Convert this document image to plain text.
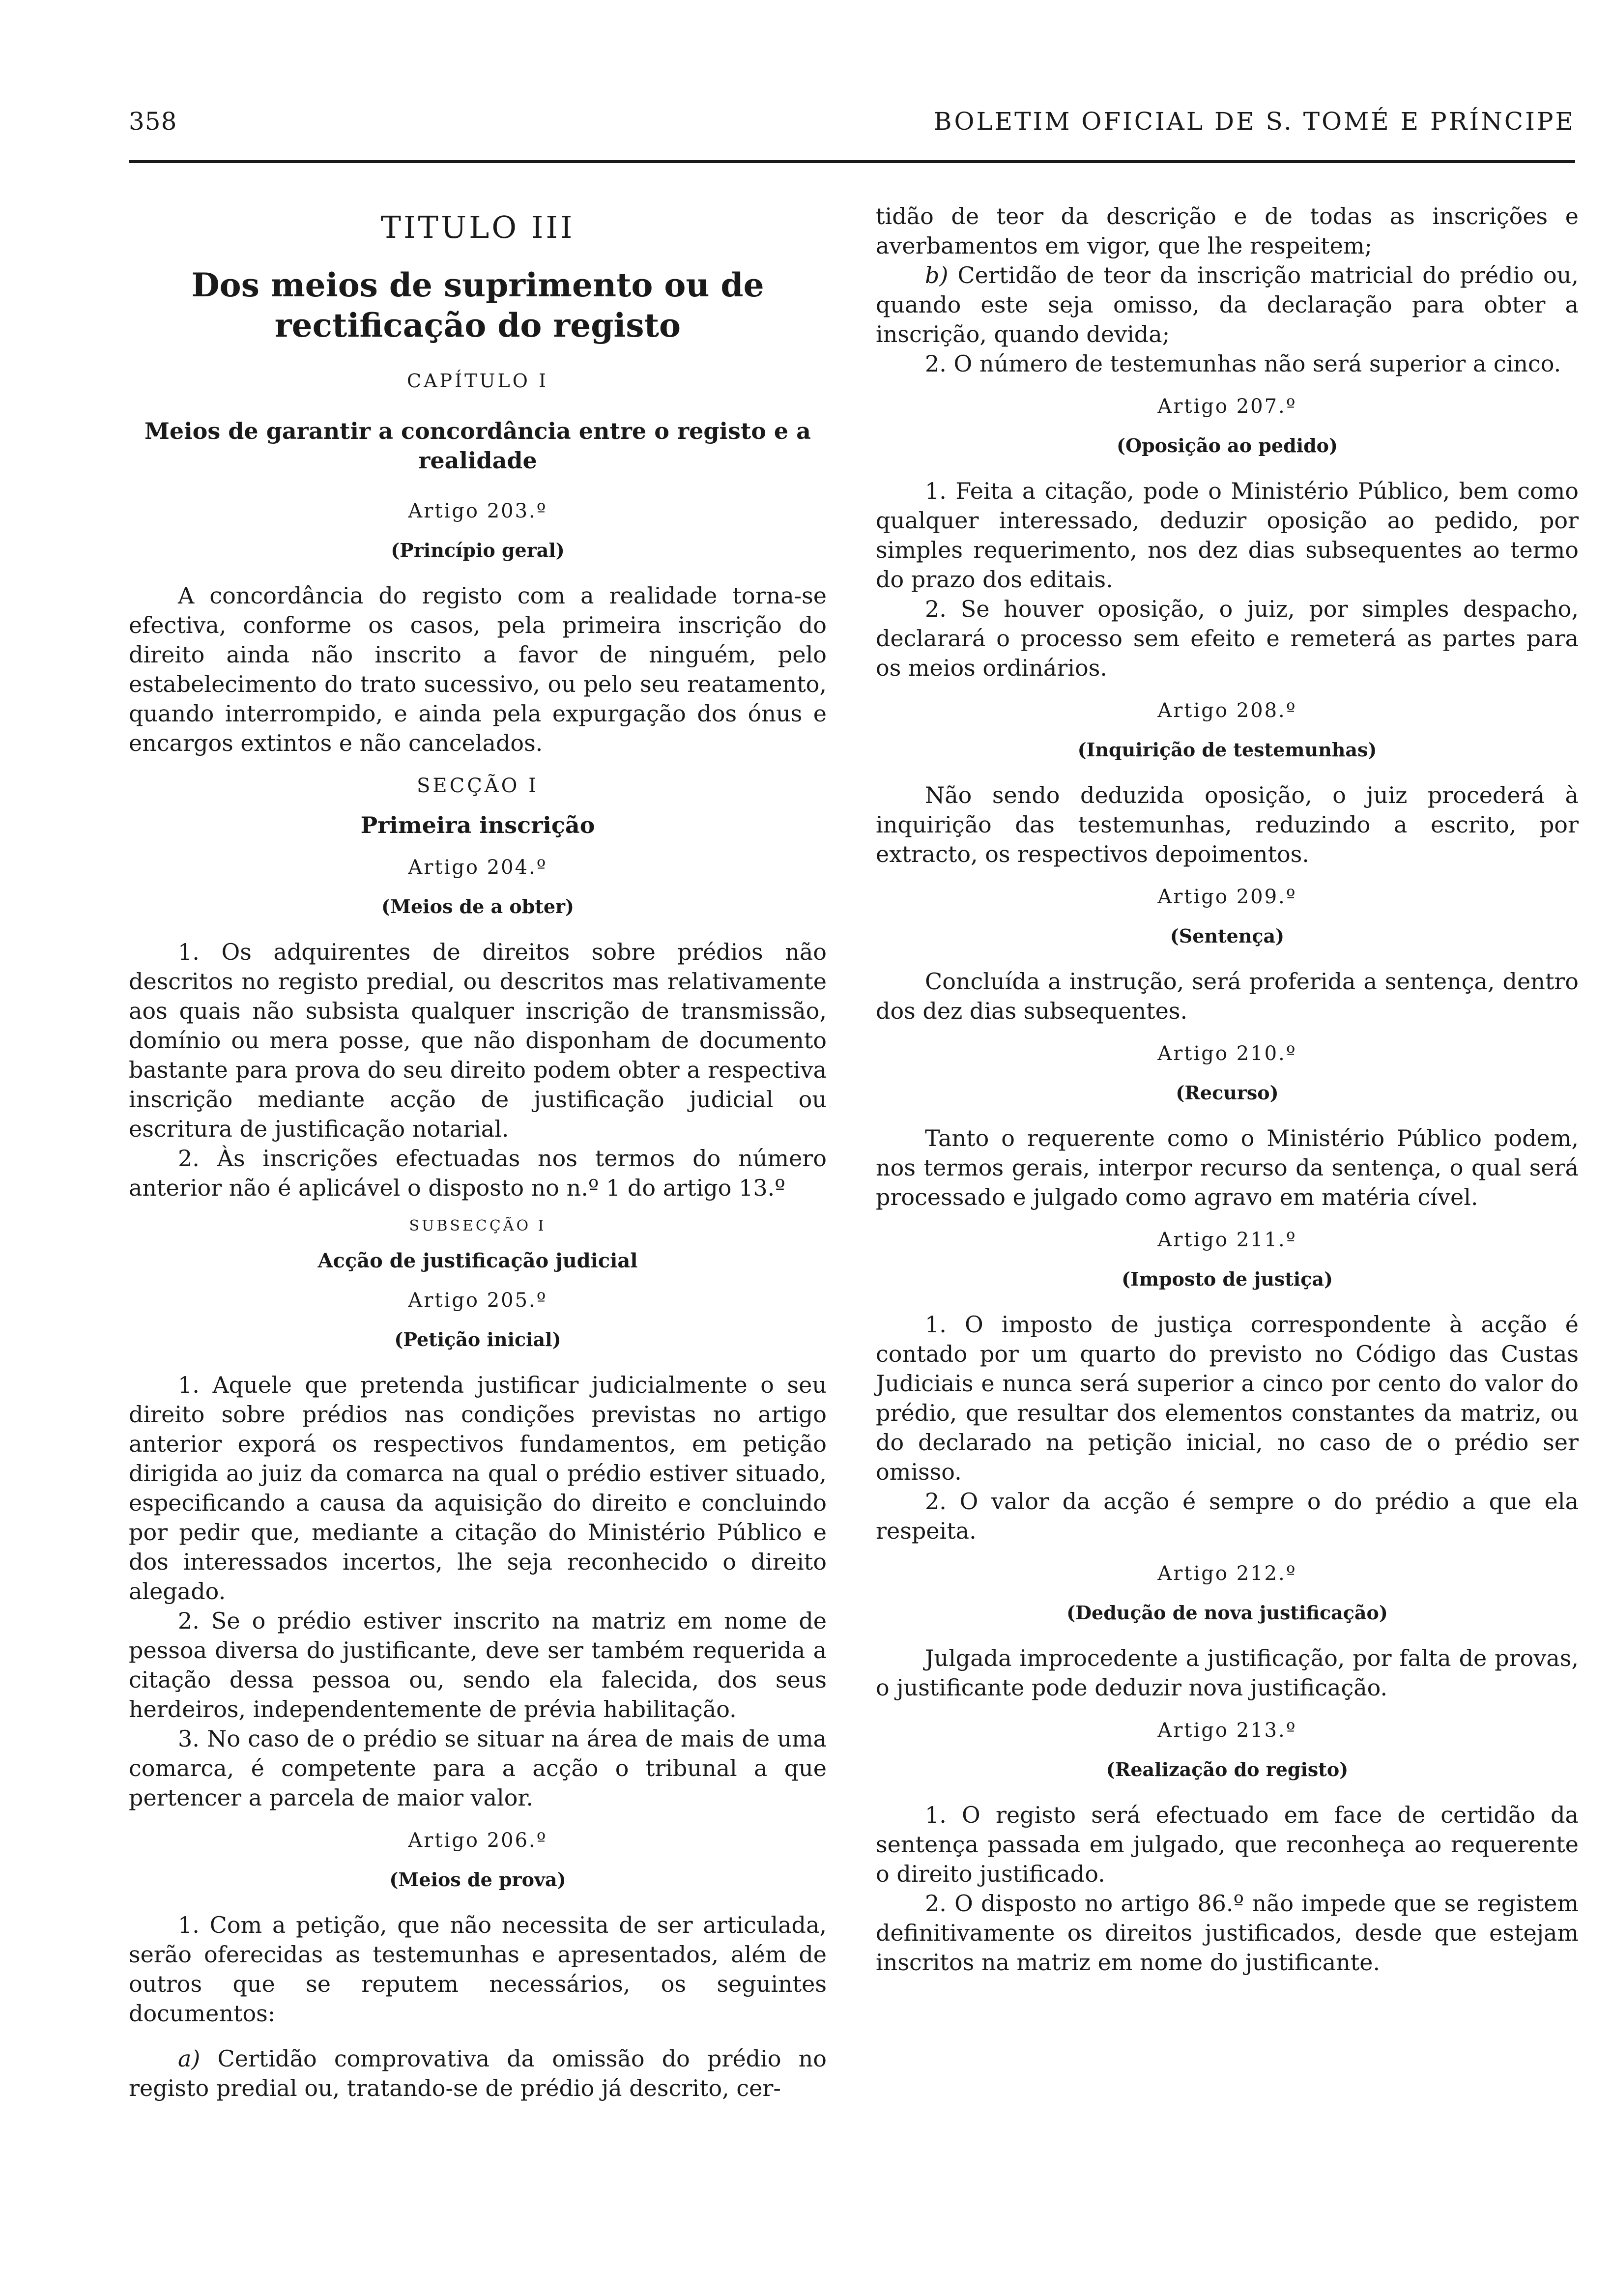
358	BOLETIM OFICIAL DE S. TOMÉ E PRÍNCIPE

TITULO III

Dos meios de suprimento ou de rectificação do registo

CAPÍTULO I

Meios de garantir a concordância entre o registo e a realidade

Artigo 203.º

(Princípio geral)

A concordância do registo com a realidade torna-se efectiva, conforme os casos, pela primeira inscrição do direito ainda não inscrito a favor de ninguém, pelo estabelecimento do trato sucessivo, ou pelo seu reatamento, quando interrompido, e ainda pela expurgação dos ónus e encargos extintos e não cancelados.

SECÇÃO I

Primeira inscrição

Artigo 204.º

(Meios de a obter)

1. Os adquirentes de direitos sobre prédios não descritos no registo predial, ou descritos mas relativamente aos quais não subsista qualquer inscrição de transmissão, domínio ou mera posse, que não disponham de documento bastante para prova do seu direito podem obter a respectiva inscrição mediante acção de justificação judicial ou escritura de justificação notarial.

2. Às inscrições efectuadas nos termos do número anterior não é aplicável o disposto no n.º 1 do artigo 13.º

SUBSECÇÃO I

Acção de justificação judicial

Artigo 205.º

(Petição inicial)

1. Aquele que pretenda justificar judicialmente o seu direito sobre prédios nas condições previstas no artigo anterior exporá os respectivos fundamentos, em petição dirigida ao juiz da comarca na qual o prédio estiver situado, especificando a causa da aquisição do direito e concluindo por pedir que, mediante a citação do Ministério Público e dos interessados incertos, lhe seja reconhecido o direito alegado.

2. Se o prédio estiver inscrito na matriz em nome de pessoa diversa do justificante, deve ser também requerida a citação dessa pessoa ou, sendo ela falecida, dos seus herdeiros, independentemente de prévia habilitação.

3. No caso de o prédio se situar na área de mais de uma comarca, é competente para a acção o tribunal a que pertencer a parcela de maior valor.

Artigo 206.º

(Meios de prova)

1. Com a petição, que não necessita de ser articulada, serão oferecidas as testemunhas e apresentados, além de outros que se reputem necessários, os seguintes documentos:

a) Certidão comprovativa da omissão do prédio no registo predial ou, tratando-se de prédio já descrito, cer-

tidão de teor da descrição e de todas as inscrições e averbamentos em vigor, que lhe respeitem;

b) Certidão de teor da inscrição matricial do prédio ou, quando este seja omisso, da declaração para obter a inscrição, quando devida;

2. O número de testemunhas não será superior a cinco.

Artigo 207.º

(Oposição ao pedido)

1. Feita a citação, pode o Ministério Público, bem como qualquer interessado, deduzir oposição ao pedido, por simples requerimento, nos dez dias subsequentes ao termo do prazo dos editais.

2. Se houver oposição, o juiz, por simples despacho, declarará o processo sem efeito e remeterá as partes para os meios ordinários.

Artigo 208.º

(Inquirição de testemunhas)

Não sendo deduzida oposição, o juiz procederá à inquirição das testemunhas, reduzindo a escrito, por extracto, os respectivos depoimentos.

Artigo 209.º

(Sentença)

Concluída a instrução, será proferida a sentença, dentro dos dez dias subsequentes.

Artigo 210.º

(Recurso)

Tanto o requerente como o Ministério Público podem, nos termos gerais, interpor recurso da sentença, o qual será processado e julgado como agravo em matéria cível.

Artigo 211.º

(Imposto de justiça)

1. O imposto de justiça correspondente à acção é contado por um quarto do previsto no Código das Custas Judiciais e nunca será superior a cinco por cento do valor do prédio, que resultar dos elementos constantes da matriz, ou do declarado na petição inicial, no caso de o prédio ser omisso.

2. O valor da acção é sempre o do prédio a que ela respeita.

Artigo 212.º

(Dedução de nova justificação)

Julgada improcedente a justificação, por falta de provas, o justificante pode deduzir nova justificação.

Artigo 213.º

(Realização do registo)

1. O registo será efectuado em face de certidão da sentença passada em julgado, que reconheça ao requerente o direito justificado.

2. O disposto no artigo 86.º não impede que se registem definitivamente os direitos justificados, desde que estejam inscritos na matriz em nome do justificante.
